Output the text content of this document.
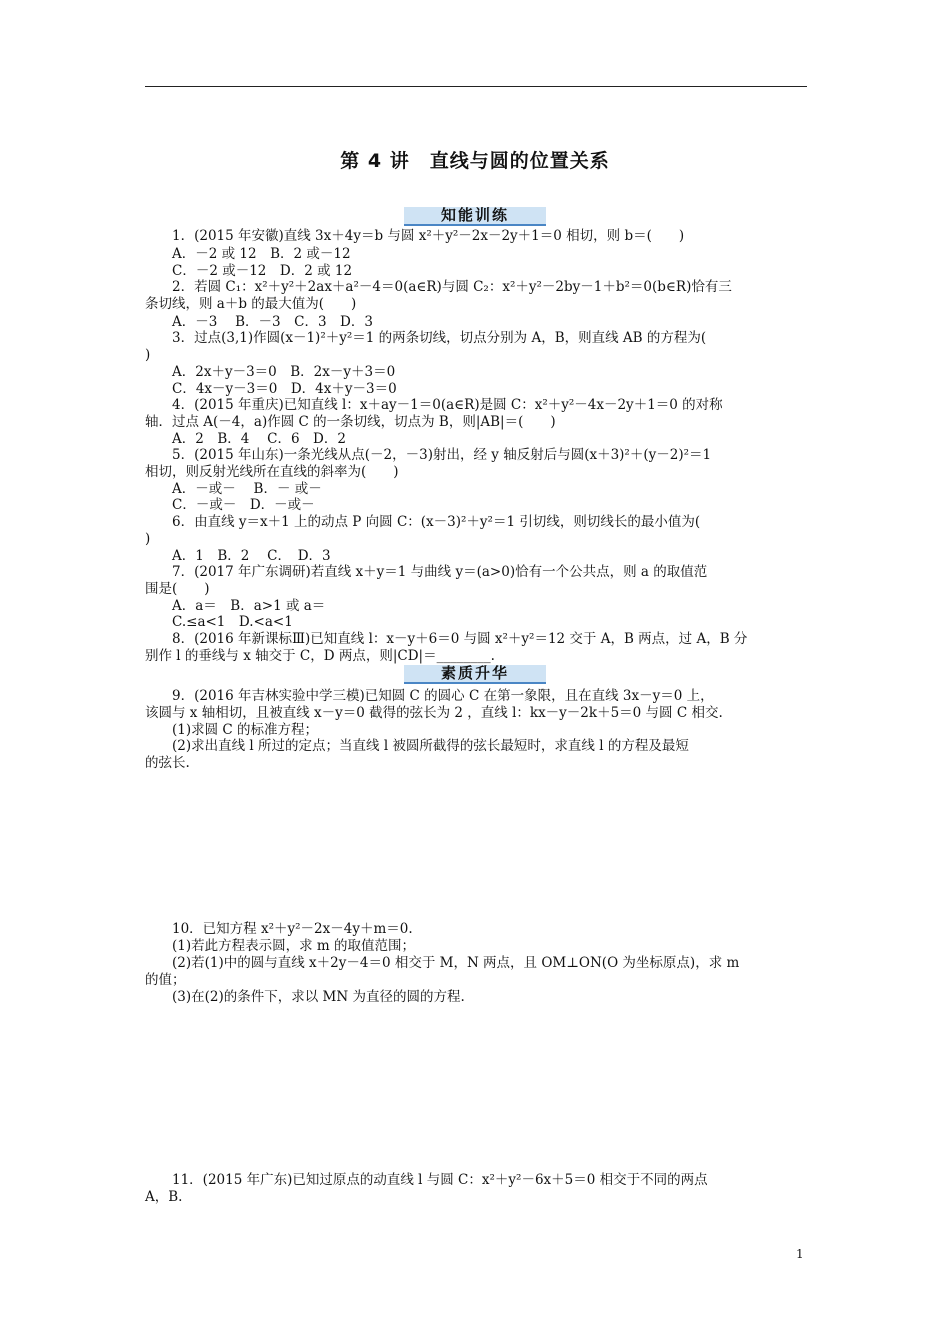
第 4 讲　直线与圆的位置关系
知能训练
素质升华
　　1．(2015 年安徽)直线 3x＋4y＝b 与圆 x²＋y²－2x－2y＋1＝0 相切，则 b＝(　　)
　　A．－2 或 12　B．2 或－12
　　C．－2 或－12　D．2 或 12
　　2．若圆 C₁：x²＋y²＋2ax＋a²－4＝0(a∈R)与圆 C₂：x²＋y²－2by－1＋b²＝0(b∈R)恰有三
条切线，则 a＋b 的最大值为(　　)
　　A．－3　 B．－3　C．3　D．3
　　3．过点(3,1)作圆(x－1)²＋y²＝1 的两条切线，切点分别为 A，B，则直线 AB 的方程为(
)
　　A．2x＋y－3＝0　B．2x－y＋3＝0
　　C．4x－y－3＝0　D．4x＋y－3＝0
　　4．(2015 年重庆)已知直线 l：x＋ay－1＝0(a∈R)是圆 C：x²＋y²－4x－2y＋1＝0 的对称
轴．过点 A(－4，a)作圆 C 的一条切线，切点为 B，则|AB|＝(　　)
　　A．2　B．4　 C．6　D．2
　　5．(2015 年山东)一条光线从点(－2，－3)射出，经 y 轴反射后与圆(x＋3)²＋(y－2)²＝1
相切，则反射光线所在直线的斜率为(　　)
　　A．－或－　 B．－ 或－
　　C．－或－　D．－或－
　　6．由直线 y＝x＋1 上的动点 P 向圆 C：(x－3)²＋y²＝1 引切线，则切线长的最小值为(
)
　　A．1　B．2　 C．　D．3
　　7．(2017 年广东调研)若直线 x＋y＝1 与曲线 y＝(a>0)恰有一个公共点，则 a 的取值范
围是(　　)
　　A．a＝　B．a>1 或 a＝
　　C.≤a<1　D.<a<1
　　8．(2016 年新课标Ⅲ)已知直线 l：x－y＋6＝0 与圆 x²＋y²＝12 交于 A，B 两点，过 A，B 分
别作 l 的垂线与 x 轴交于 C，D 两点，则|CD|＝________.
　　9．(2016 年吉林实验中学三模)已知圆 C 的圆心 C 在第一象限，且在直线 3x－y＝0 上，
该圆与 x 轴相切，且被直线 x－y＝0 截得的弦长为 2 ，直线 l：kx－y－2k＋5＝0 与圆 C 相交.
　　(1)求圆 C 的标准方程；
　　(2)求出直线 l 所过的定点；当直线 l 被圆所截得的弦长最短时，求直线 l 的方程及最短
的弦长.
　　10．已知方程 x²＋y²－2x－4y＋m＝0.
　　(1)若此方程表示圆，求 m 的取值范围；
　　(2)若(1)中的圆与直线 x＋2y－4＝0 相交于 M，N 两点，且 OM⊥ON(O 为坐标原点)，求 m
的值；
　　(3)在(2)的条件下，求以 MN 为直径的圆的方程.
　　11．(2015 年广东)已知过原点的动直线 l 与圆 C：x²＋y²－6x＋5＝0 相交于不同的两点
A，B.
1
